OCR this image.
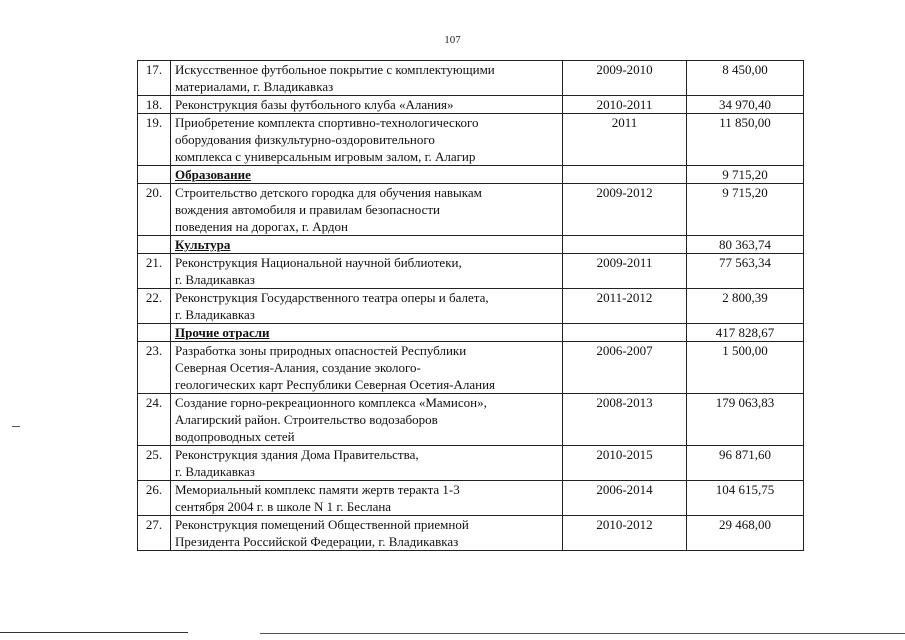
107
17.	Искусственное футбольное покрытие с комплектующими
материалами, г. Владикавказ	2009-2010	8 450,00
18.	Реконструкция базы футбольного клуба «Алания»	2010-2011	34 970,40
19.	Приобретение комплекта спортивно-технологического
оборудования физкультурно-оздоровительного
комплекса с универсальным игровым залом, г. Алагир	2011	11 850,00

	Образование		9 715,20
20.	Строительство детского городка для обучения навыкам
вождения автомобиля и правилам безопасности
поведения на дорогах, г. Ардон	2009-2012	9 715,20

	Культура		80 363,74
21.	Реконструкция Национальной научной библиотеки,
г. Владикавказ	2009-2011	77 563,34
22.	Реконструкция Государственного театра оперы и балета,
г. Владикавказ	2011-2012	2 800,39

	Прочие отрасли		417 828,67
23.	Разработка зоны природных опасностей Республики
Северная Осетия-Алания, создание эколого-
геологических карт Республики Северная Осетия-Алания	2006-2007	1 500,00
24.	Создание горно-рекреационного комплекса «Мамисон»,
Алагирский район. Строительство водозаборов
водопроводных сетей	2008-2013	179 063,83
25.	Реконструкция здания Дома Правительства,
г. Владикавказ	2010-2015	96 871,60
26.	Мемориальный комплекс памяти жертв теракта 1-3
сентября 2004 г. в школе N 1 г. Беслана	2006-2014	104 615,75
27.	Реконструкция помещений Общественной приемной
Президента Российской Федерации, г. Владикавказ	2010-2012	29 468,00
